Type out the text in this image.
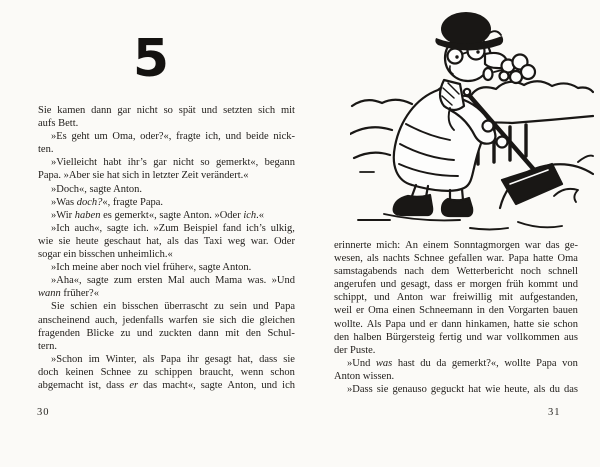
5
Sie kamen dann gar nicht so spät und setzten sich mit
aufs Bett.
»Es geht um Oma, oder?«, fragte ich, und beide nick-
ten.
»Vielleicht habt ihr’s gar nicht so gemerkt«, begann
Papa. »Aber sie hat sich in letzter Zeit verändert.«
»Doch«, sagte Anton.
»Was doch?«, fragte Papa.
»Wir haben es gemerkt«, sagte Anton. »Oder ich.«
»Ich auch«, sagte ich. »Zum Beispiel fand ich’s ulkig,
wie sie heute geschaut hat, als das Taxi weg war. Oder
sogar ein bisschen unheimlich.«
»Ich meine aber noch viel früher«, sagte Anton.
»Aha«, sagte zum ersten Mal auch Mama was. »Und
wann früher?«
Sie schien ein bisschen überrascht zu sein und Papa
anscheinend auch, jedenfalls warfen sie sich die gleichen
fragenden Blicke zu und zuckten dann mit den Schul-
tern.
»Schon im Winter, als Papa ihr gesagt hat, dass sie
doch keinen Schnee zu schippen braucht, wenn schon
abgemacht ist, dass er das macht«, sagte Anton, und ich
30
erinnerte mich: An einem Sonntagmorgen war das ge-
wesen, als nachts Schnee gefallen war. Papa hatte Oma
samstagabends nach dem Wetterbericht noch schnell
angerufen und gesagt, dass er morgen früh kommt und
schippt, und Anton war freiwillig mit aufgestanden,
weil er Oma einen Schneemann in den Vorgarten bauen
wollte. Als Papa und er dann hinkamen, hatte sie schon
den halben Bürgersteig fertig und war vollkommen aus
der Puste.
»Und was hast du da gemerkt?«, wollte Papa von
Anton wissen.
»Dass sie genauso geguckt hat wie heute, als du das
31
